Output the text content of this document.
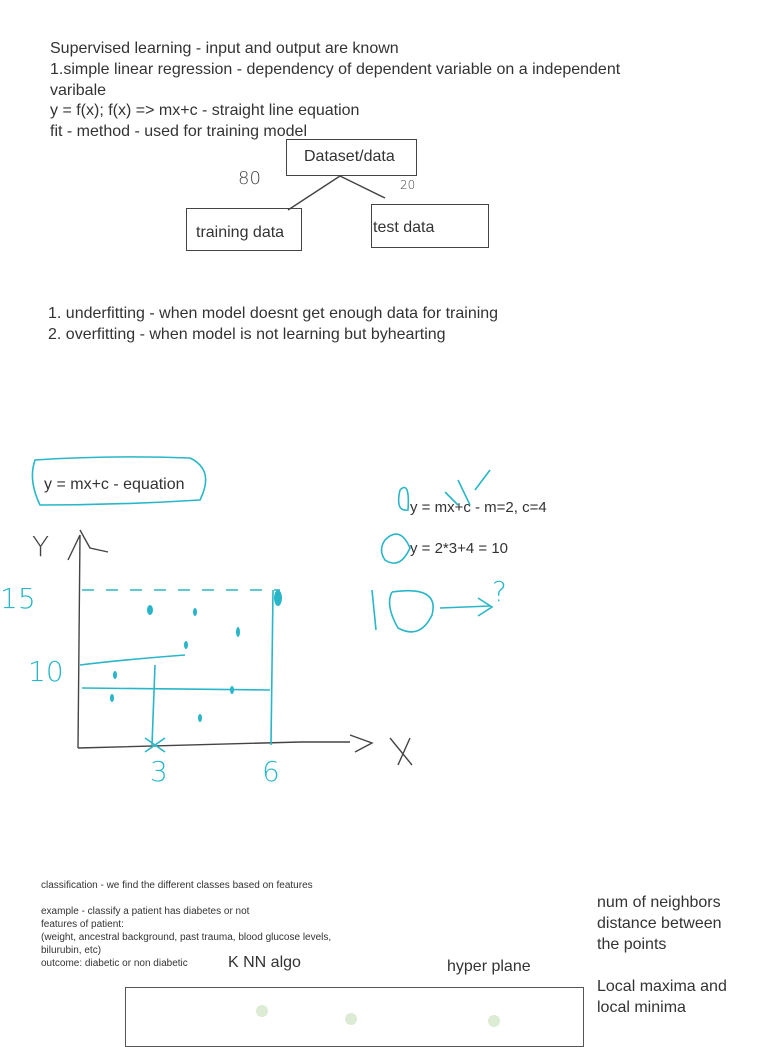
Supervised learning - input and output are known
1.simple linear regression - dependency of dependent variable on a independent
varibale
y = f(x); f(x) => mx+c - straight line equation
fit - method - used for training model
Dataset/data
training data	test data
80	20
1. underfitting - when model doesnt get enough data for training
2. overfitting - when model is not learning but byhearting
y = mx+c - equation
y = mx+c - m=2, c=4
y = 2*3+4 = 10
Y
15
10
3	6
?
classification - we find the different classes based on features
example - classify a patient has diabetes or not
features of patient:
(weight, ancestral background, past trauma, blood glucose levels,
bilurubin, etc)
outcome: diabetic or non diabetic	K NN algo	hyper plane
num of neighbors
distance between
the points
Local maxima and
local minima
